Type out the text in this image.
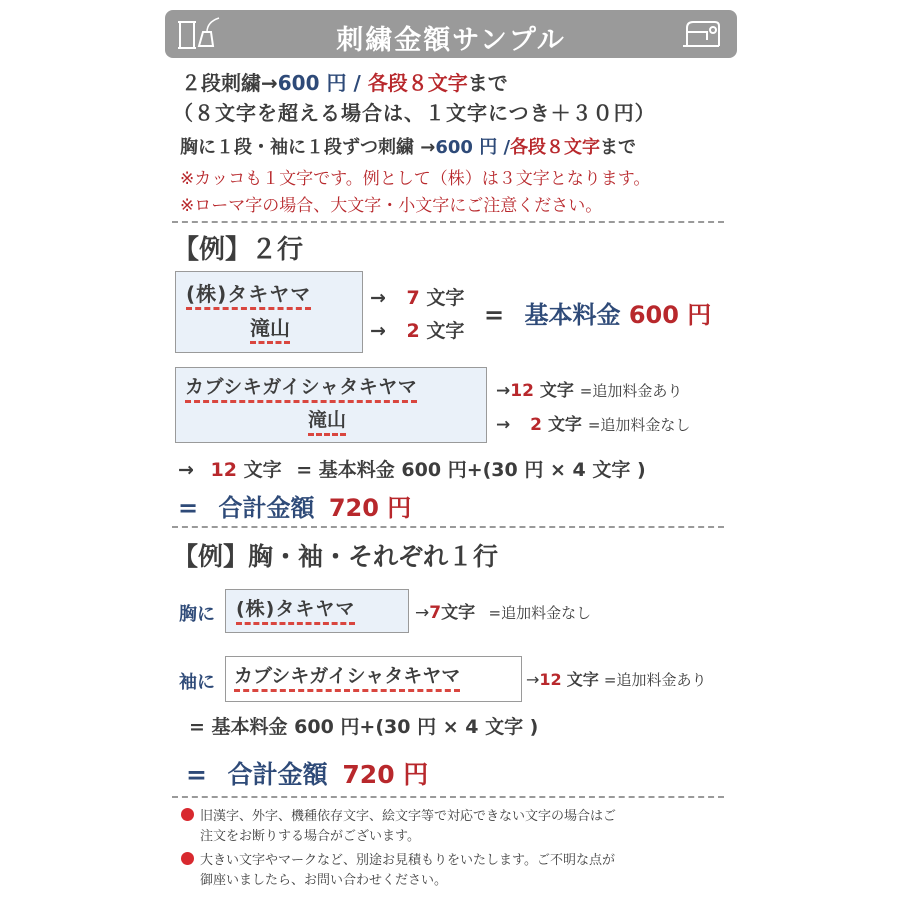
刺繍金額サンプル
２段刺繍→600 円 / 各段８文字まで
（８文字を超える場合は、１文字につき＋３０円）
胸に１段・袖に１段ずつ刺繍 →600 円 /各段８文字まで
※カッコも１文字です。例として（株）は３文字となります。
※ローマ字の場合、大文字・小文字にご注意ください。
【例】２行
(株)タキヤマ
滝山
→ 7 文字
→ 2 文字
= 基本料金 600 円
カブシキガイシャタキヤマ
滝山
→12 文字 =追加料金あり
→ 2 文字 =追加料金なし
→ 12 文字 = 基本料金 600 円+(30 円 × 4 文字 )
= 合計金額 720 円
【例】胸・袖・それぞれ１行
胸に (株)タキヤマ	→7文字 =追加料金なし
袖に カブシキガイシャタキヤマ	→12 文字 =追加料金あり
= 基本料金 600 円+(30 円 × 4 文字 )
= 合計金額 720 円
旧漢字、外字、機種依存文字、絵文字等で対応できない文字の場合はご
注文をお断りする場合がございます。
大きい文字やマークなど、別途お見積もりをいたします。ご不明な点が
御座いましたら、お問い合わせください。
